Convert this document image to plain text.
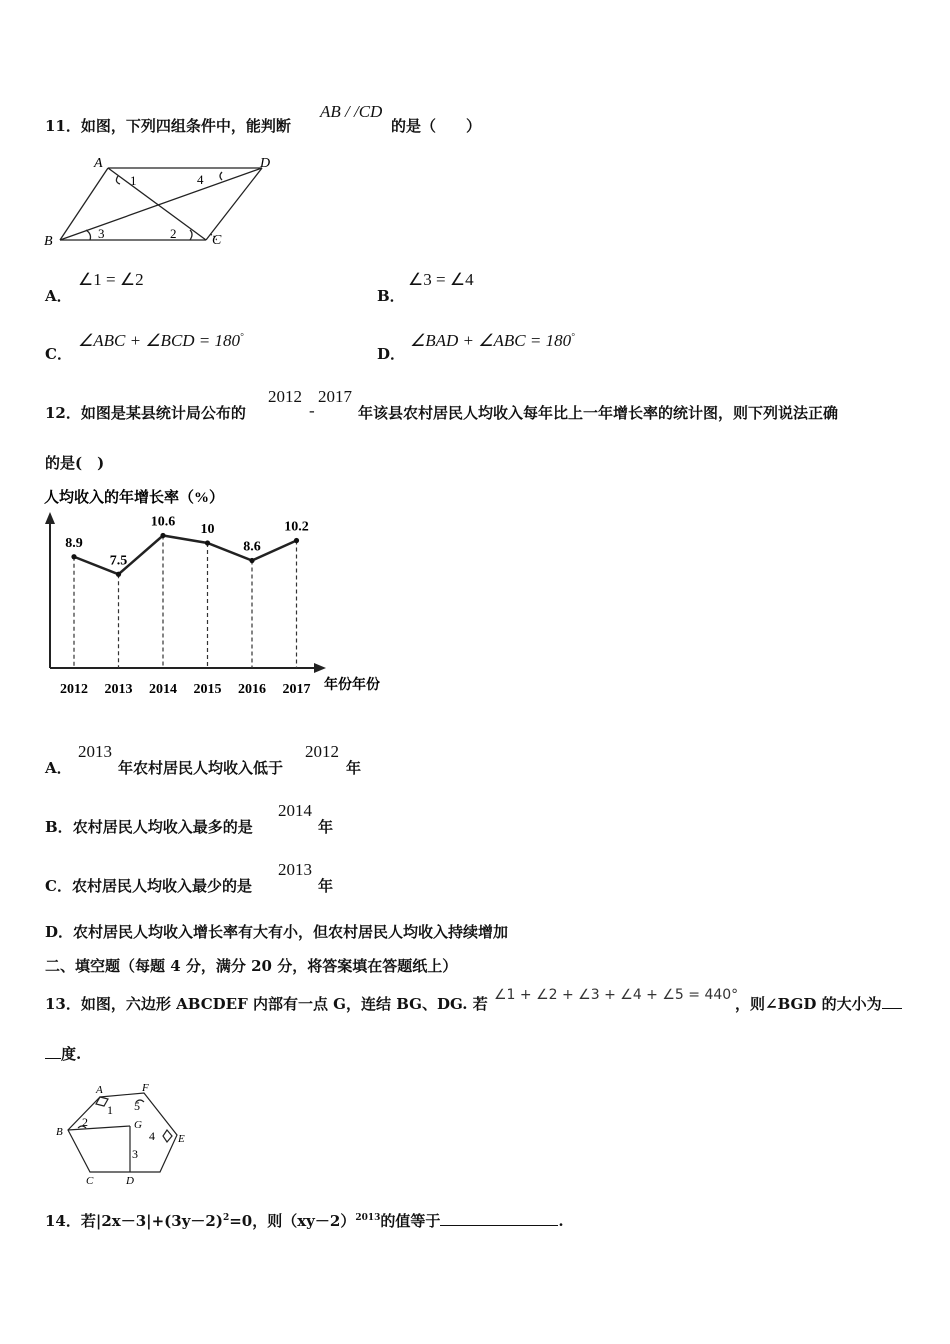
11．如图，下列四组条件中，能判断
AB / /CD
的是（　　）
A	D
B	C
1	4
3	2
A．
∠1 = ∠2
B．
∠3 = ∠4
C．
∠ABC + ∠BCD = 180°
D．
∠BAD + ∠ABC = 180°
12．如图是某县统计局公布的
2012
-
2017
年该县农村居民人均收入每年比上一年增长率的统计图，则下列说法正确
的是(　)
人均收入的年增长率（%）
8.9
7.5
10.6 10
8.6
10.2
2012 2013 2014 2015 2016 2017 年份年份
A．
2013
年农村居民人均收入低于
2012
年
B．农村居民人均收入最多的是
2014
年
C．农村居民人均收入最少的是
2013
年
D．农村居民人均收入增长率有大有小，但农村居民人均收入持续增加
二、填空题（每题 4 分，满分 20 分，将答案填在答题纸上）
13．如图，六边形 ABCDEF 内部有一点 G，连结 BG、DG. 若 ∠1 + ∠2 + ∠3 + ∠4 + ∠5 = 440°
，则∠BGD 的大小为
度.
A	F
B
G
E
C	D
1
2
3
4
5
14．若$|2x-3|+(3y-2)^2=0$，则$(xy-2)^{2013}$的值等于	.
